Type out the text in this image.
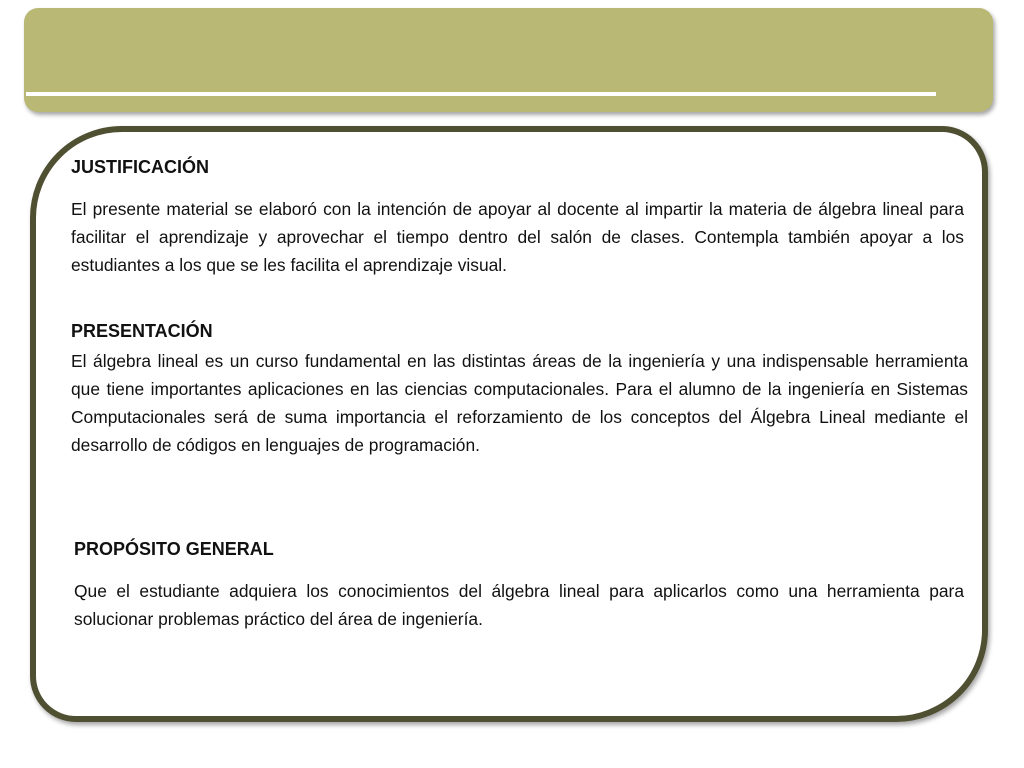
JUSTIFICACIÓN

El presente material se elaboró con la intención de apoyar al docente al impartir la materia de álgebra lineal para facilitar el aprendizaje y aprovechar el tiempo dentro del salón de clases. Contempla también apoyar a los estudiantes a los que se les facilita el aprendizaje visual.

PRESENTACIÓN

El álgebra lineal es un curso fundamental en las distintas áreas de la ingeniería y una indispensable herramienta que tiene importantes aplicaciones en las ciencias computacionales. Para el alumno de la ingeniería en Sistemas Computacionales será de suma importancia el reforzamiento de los conceptos del Álgebra Lineal mediante el desarrollo de códigos en lenguajes de programación.

PROPÓSITO GENERAL

Que el estudiante adquiera los conocimientos del álgebra lineal para aplicarlos como una herramienta para solucionar problemas práctico del área de ingeniería.
